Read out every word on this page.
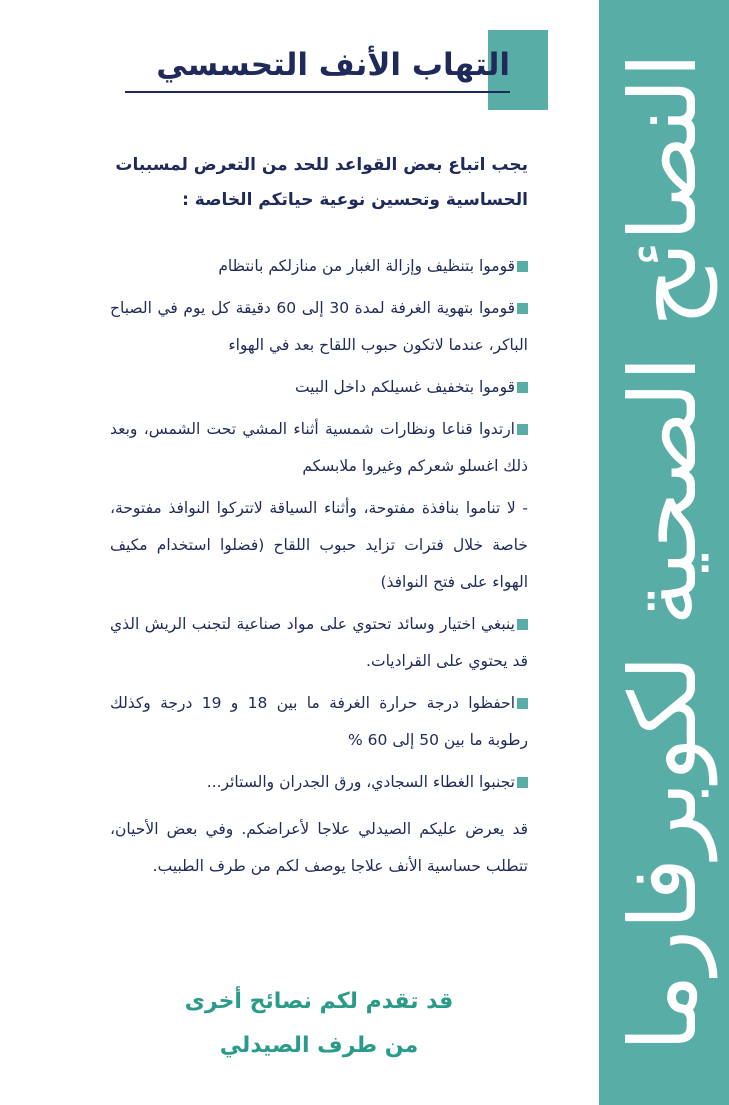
النصائح الصحية لكوبرفارما
التهاب الأنف التحسسي

يجب اتباع بعض القواعد للحد من التعرض لمسببات الحساسية وتحسين نوعية حياتكم الخاصة :

قوموا بتنظيف وإزالة الغبار من منازلكم بانتظام

قوموا بتهوية الغرفة لمدة 30 إلى 60 دقيقة كل يوم في الصباح الباكر، عندما لاتكون حبوب اللقاح بعد في الهواء

قوموا بتخفيف غسيلكم داخل البيت

ارتدوا قناعا ونظارات شمسية أثناء المشي تحت الشمس، وبعد ذلك اغسلو شعركم وغيروا ملابسكم

- لا تناموا بنافذة مفتوحة، وأثناء السياقة لاتتركوا النوافذ مفتوحة، خاصة خلال فترات تزايد حبوب اللقاح (فضلوا استخدام مكيف الهواء على فتح النوافذ)

ينبغي اختيار وسائد تحتوي على مواد صناعية لتجنب الريش الذي قد يحتوي على القراديات.

احفظوا درجة حرارة الغرفة ما بين 18 و 19 درجة وكذلك رطوبة ما بين 50 إلى 60 %

تجنبوا الغطاء السجادي، ورق الجدران والستائر...

قد يعرض عليكم الصيدلي علاجا لأعراضكم. وفي بعض الأحيان، تتطلب حساسية الأنف علاجا يوصف لكم من طرف الطبيب.

قد تقدم لكم نصائح أخرى
من طرف الصيدلي
